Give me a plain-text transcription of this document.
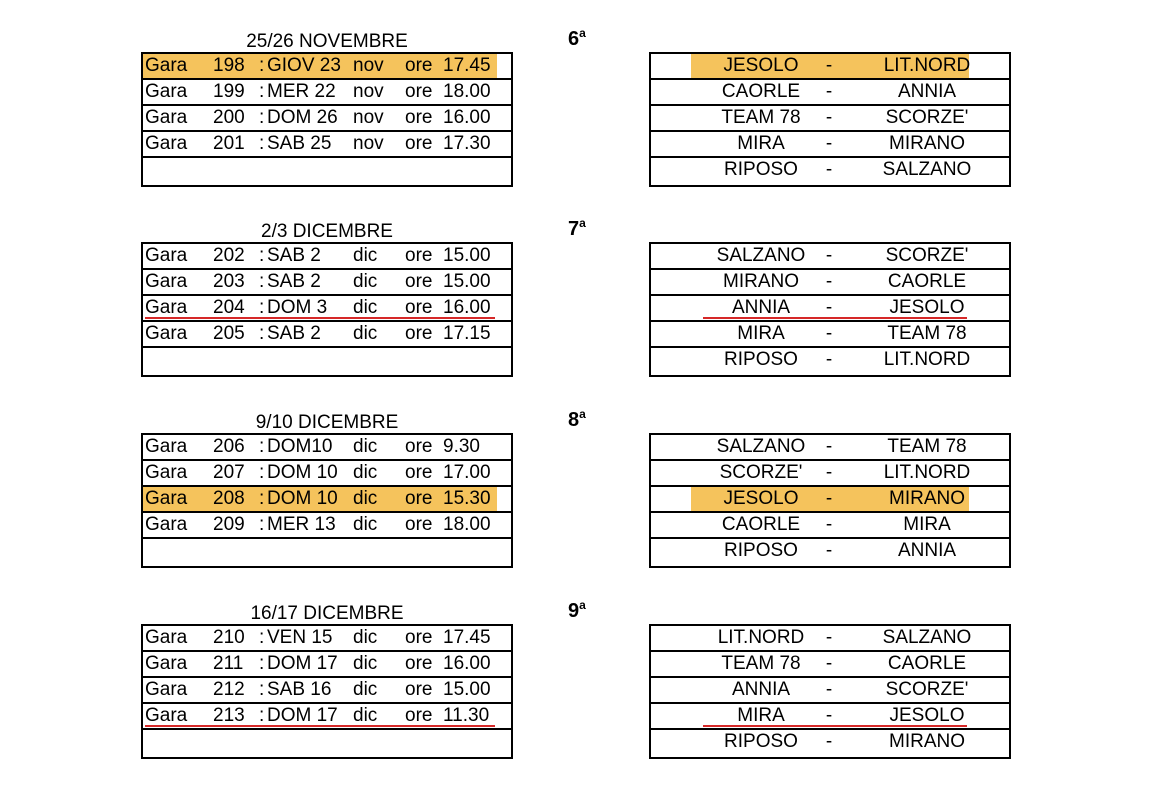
25/26 NOVEMBRE	6$^a$
Gara 198 : GIOV 23 nov ore 17.45
Gara 199 : MER 22 nov ore 18.00
Gara 200 : DOM 26 nov ore 16.00
Gara 201 : SAB 25 nov ore 17.30
JESOLO	-	LIT.NORD
CAORLE	-	ANNIA
TEAM 78	-	SCORZE'
MIRA	-	MIRANO
RIPOSO	-	SALZANO
2/3 DICEMBRE	7$^a$
Gara 202 : SAB 2 dic ore 15.00
Gara 203 : SAB 2 dic ore 15.00
Gara 204 : DOM 3 dic ore 16.00
Gara 205 : SAB 2 dic ore 17.15
SALZANO	-	SCORZE'
MIRANO	-	CAORLE
ANNIA	-	JESOLO
MIRA	-	TEAM 78
RIPOSO	-	LIT.NORD
9/10 DICEMBRE	8$^a$
Gara 206 : DOM10 dic ore 9.30
Gara 207 : DOM 10 dic ore 17.00
Gara 208 : DOM 10 dic ore 15.30
Gara 209 : MER 13 dic ore 18.00
SALZANO	-	TEAM 78
SCORZE'	-	LIT.NORD
JESOLO	-	MIRANO
CAORLE	-	MIRA
RIPOSO	-	ANNIA
16/17 DICEMBRE	9$^a$
Gara 210 : VEN 15 dic ore 17.45
Gara 211 : DOM 17 dic ore 16.00
Gara 212 : SAB 16 dic ore 15.00
Gara 213 : DOM 17 dic ore 11.30
LIT.NORD	-	SALZANO
TEAM 78	-	CAORLE
ANNIA	-	SCORZE'
MIRA	-	JESOLO
RIPOSO	-	MIRANO
